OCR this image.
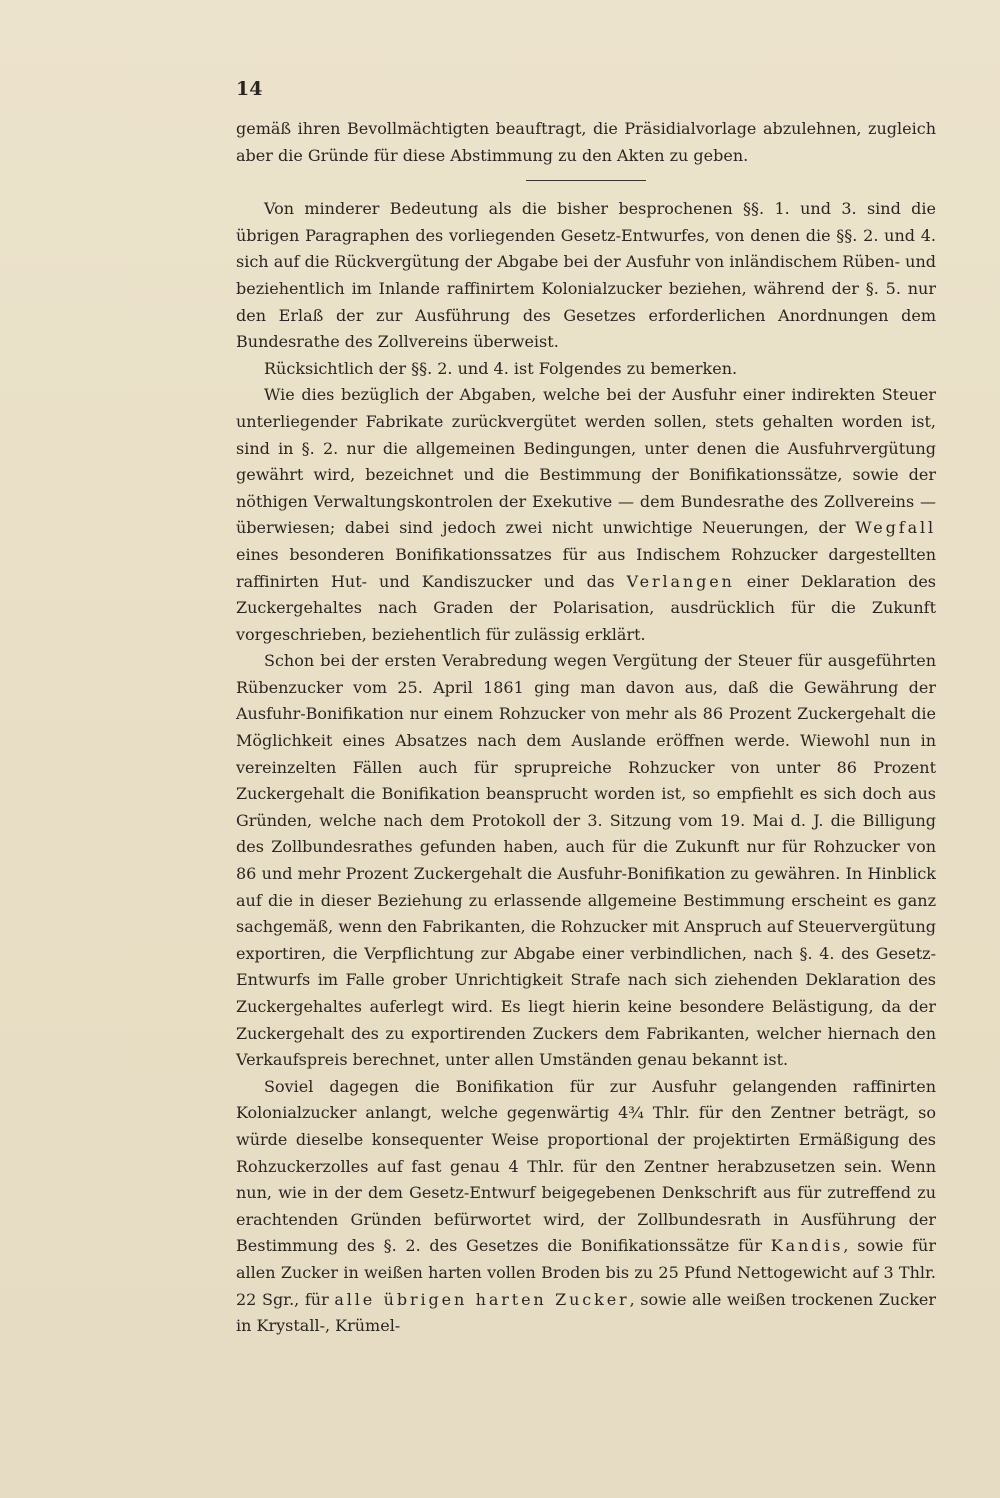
14

gemäß ihren Bevollmächtigten beauftragt, die Präsidialvorlage abzulehnen, zugleich aber die Gründe für diese Abstimmung zu den Akten zu geben.

Von minderer Bedeutung als die bisher besprochenen §§. 1. und 3. sind die übrigen Paragraphen des vorliegenden Gesetz-Entwurfes, von denen die §§. 2. und 4. sich auf die Rückvergütung der Abgabe bei der Ausfuhr von inländischem Rüben- und beziehentlich im Inlande raffinirtem Kolonialzucker beziehen, während der §. 5. nur den Erlaß der zur Ausführung des Gesetzes erforderlichen Anordnungen dem Bundesrathe des Zollvereins überweist.

Rücksichtlich der §§. 2. und 4. ist Folgendes zu bemerken.

Wie dies bezüglich der Abgaben, welche bei der Ausfuhr einer indirekten Steuer unterliegender Fabrikate zurückvergütet werden sollen, stets gehalten worden ist, sind in §. 2. nur die allgemeinen Bedingungen, unter denen die Ausfuhrvergütung gewährt wird, bezeichnet und die Bestimmung der Bonifikationssätze, sowie der nöthigen Verwaltungskontrolen der Exekutive — dem Bundesrathe des Zollvereins — überwiesen; dabei sind jedoch zwei nicht unwichtige Neuerungen, der Wegfall eines besonderen Bonifikationssatzes für aus Indischem Rohzucker dargestellten raffinirten Hut- und Kandiszucker und das Verlangen einer Deklaration des Zuckergehaltes nach Graden der Polarisation, ausdrücklich für die Zukunft vorgeschrieben, beziehentlich für zulässig erklärt.

Schon bei der ersten Verabredung wegen Vergütung der Steuer für ausgeführten Rübenzucker vom 25. April 1861 ging man davon aus, daß die Gewährung der Ausfuhr-Bonifikation nur einem Rohzucker von mehr als 86 Prozent Zuckergehalt die Möglichkeit eines Absatzes nach dem Auslande eröffnen werde. Wiewohl nun in vereinzelten Fällen auch für sprupreiche Rohzucker von unter 86 Prozent Zuckergehalt die Bonifikation beansprucht worden ist, so empfiehlt es sich doch aus Gründen, welche nach dem Protokoll der 3. Sitzung vom 19. Mai d. J. die Billigung des Zollbundesrathes gefunden haben, auch für die Zukunft nur für Rohzucker von 86 und mehr Prozent Zuckergehalt die Ausfuhr-Bonifikation zu gewähren. In Hinblick auf die in dieser Beziehung zu erlassende allgemeine Bestimmung erscheint es ganz sachgemäß, wenn den Fabrikanten, die Rohzucker mit Anspruch auf Steuervergütung exportiren, die Verpflichtung zur Abgabe einer verbindlichen, nach §. 4. des Gesetz-Entwurfs im Falle grober Unrichtigkeit Strafe nach sich ziehenden Deklaration des Zuckergehaltes auferlegt wird. Es liegt hierin keine besondere Belästigung, da der Zuckergehalt des zu exportirenden Zuckers dem Fabrikanten, welcher hiernach den Verkaufspreis berechnet, unter allen Umständen genau bekannt ist.

Soviel dagegen die Bonifikation für zur Ausfuhr gelangenden raffinirten Kolonialzucker anlangt, welche gegenwärtig 4¾ Thlr. für den Zentner beträgt, so würde dieselbe konsequenter Weise proportional der projektirten Ermäßigung des Rohzuckerzolles auf fast genau 4 Thlr. für den Zentner herabzusetzen sein. Wenn nun, wie in der dem Gesetz-Entwurf beigegebenen Denkschrift aus für zutreffend zu erachtenden Gründen befürwortet wird, der Zollbundesrath in Ausführung der Bestimmung des §. 2. des Gesetzes die Bonifikationssätze für Kandis, sowie für allen Zucker in weißen harten vollen Broden bis zu 25 Pfund Nettogewicht auf 3 Thlr. 22 Sgr., für alle übrigen harten Zucker, sowie alle weißen trockenen Zucker in Krystall-, Krümel-
